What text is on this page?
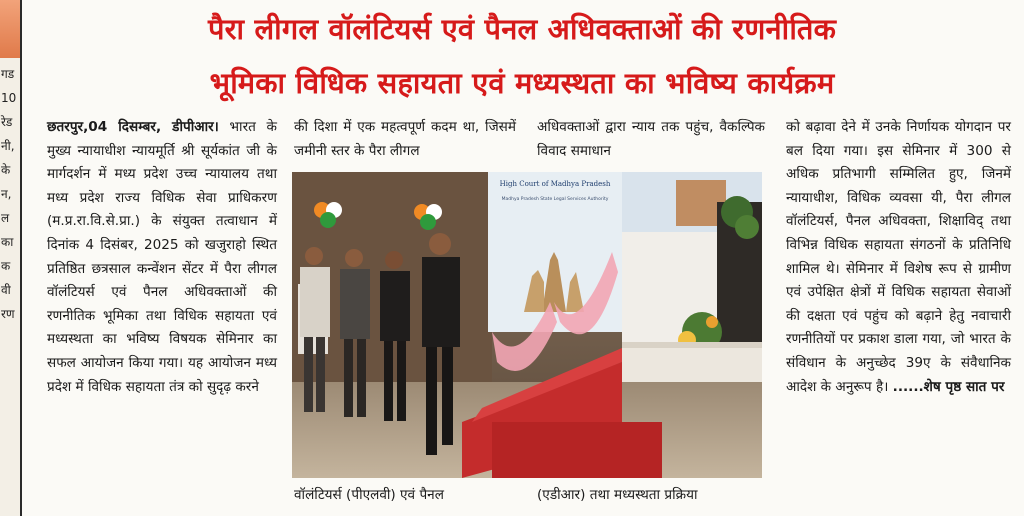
गड
10
रेड
नी,
के
न,
ल
का
क
वी
रण
पैरा लीगल वॉलंटियर्स एवं पैनल अधिवक्ताओं की रणनीतिक
भूमिका विधिक सहायता एवं मध्यस्थता का भविष्य कार्यक्रम

छतरपुर,04 दिसम्बर, डीपीआर। भारत के मुख्य न्यायाधीश न्यायमूर्ति श्री सूर्यकांत जी के मार्गदर्शन में मध्य प्रदेश उच्च न्यायालय तथा मध्य प्रदेश राज्य विधिक सेवा प्राधिकरण (म.प्र.रा.वि.से.प्रा.) के संयुक्त तत्वाधान में दिनांक 4 दिसंबर, 2025 को खजुराहो स्थित प्रतिष्ठित छत्रसाल कन्वेंशन सेंटर में पैरा लीगल वॉलंटियर्स एवं पैनल अधिवक्ताओं की रणनीतिक भूमिका तथा विधिक सहायता एवं मध्यस्थता का भविष्य विषयक सेमिनार का सफल आयोजन किया गया। यह आयोजन मध्य प्रदेश में विधिक सहायता तंत्र को सुदृढ़ करने

की दिशा में एक महत्वपूर्ण कदम था, जिसमें जमीनी स्तर के पैरा लीगल

अधिवक्ताओं द्वारा न्याय तक पहुंच, वैकल्पिक विवाद समाधान

High Court of Madhya Pradesh
Madhya Pradesh State Legal Services Authority

वॉलंटियर्स (पीएलवी) एवं पैनल	(एडीआर) तथा मध्यस्थता प्रक्रिया

को बढ़ावा देने में उनके निर्णायक योगदान पर बल दिया गया। इस सेमिनार में 300 से अधिक प्रतिभागी सम्मिलित हुए, जिनमें न्यायाधीश, विधिक व्यवसा यी, पैरा लीगल वॉलंटियर्स, पैनल अधिवक्ता, शिक्षाविद् तथा विभिन्न विधिक सहायता संगठनों के प्रतिनिधि शामिल थे। सेमिनार में विशेष रूप से ग्रामीण एवं उपेक्षित क्षेत्रों में विधिक सहायता सेवाओं की दक्षता एवं पहुंच को बढ़ाने हेतु नवाचारी रणनीतियों पर प्रकाश डाला गया, जो भारत के संविधान के अनुच्छेद 39ए के संवैधानिक आदेश के अनुरूप है। ......शेष पृष्ठ सात पर
